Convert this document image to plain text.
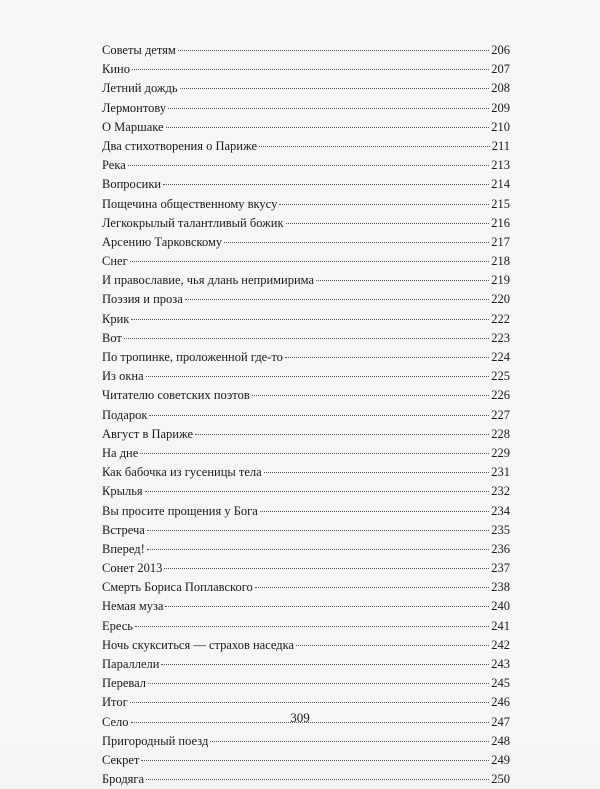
Советы детям	206
Кино	207
Летний дождь	208
Лермонтову	209
О Маршаке	210
Два стихотворения о Париже	211
Река	213
Вопросики	214
Пощечина общественному вкусу	215
Легкокрылый талантливый божик	216
Арсению Тарковскому	217
Снег	218
И православие, чья длань непримирима	219
Поэзия и проза	220
Крик	222
Вот	223
По тропинке, проложенной где-то	224
Из окна	225
Читателю советских поэтов	226
Подарок	227
Август в Париже	228
На дне	229
Как бабочка из гусеницы тела	231
Крылья	232
Вы просите прощения у Бога	234
Встреча	235
Вперед!	236
Сонет 2013	237
Смерть Бориса Поплавского	238
Немая муза	240
Ересь	241
Ночь скукситься — страхов наседка	242
Параллели	243
Перевал	245
Итог	246
Село	247
Пригородный поезд	248
Секрет	249
Бродяга	250
309
